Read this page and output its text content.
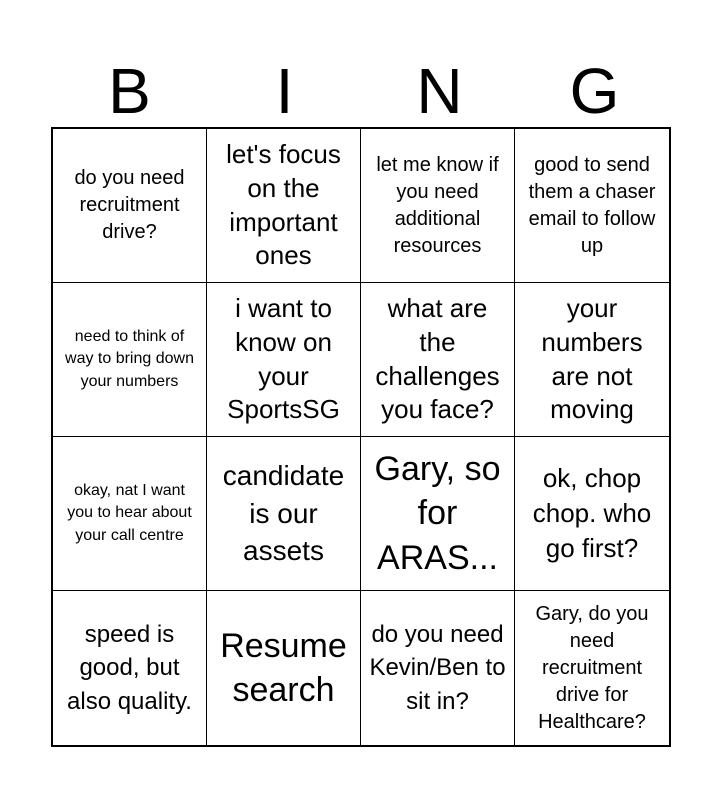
B	I	N	G
do you need recruitment drive?
let's focus on the important ones
let me know if you need additional resources
good to send them a chaser email to follow up
need to think of way to bring down your numbers
i want to know on your SportsSG
what are the challenges you face?
your numbers are not moving
okay, nat I want you to hear about your call centre
candidate is our assets
Gary, so for ARAS...
ok, chop chop. who go first?
speed is good, but also quality.
Resume search
do you need Kevin/Ben to sit in?
Gary, do you need recruitment drive for Healthcare?
